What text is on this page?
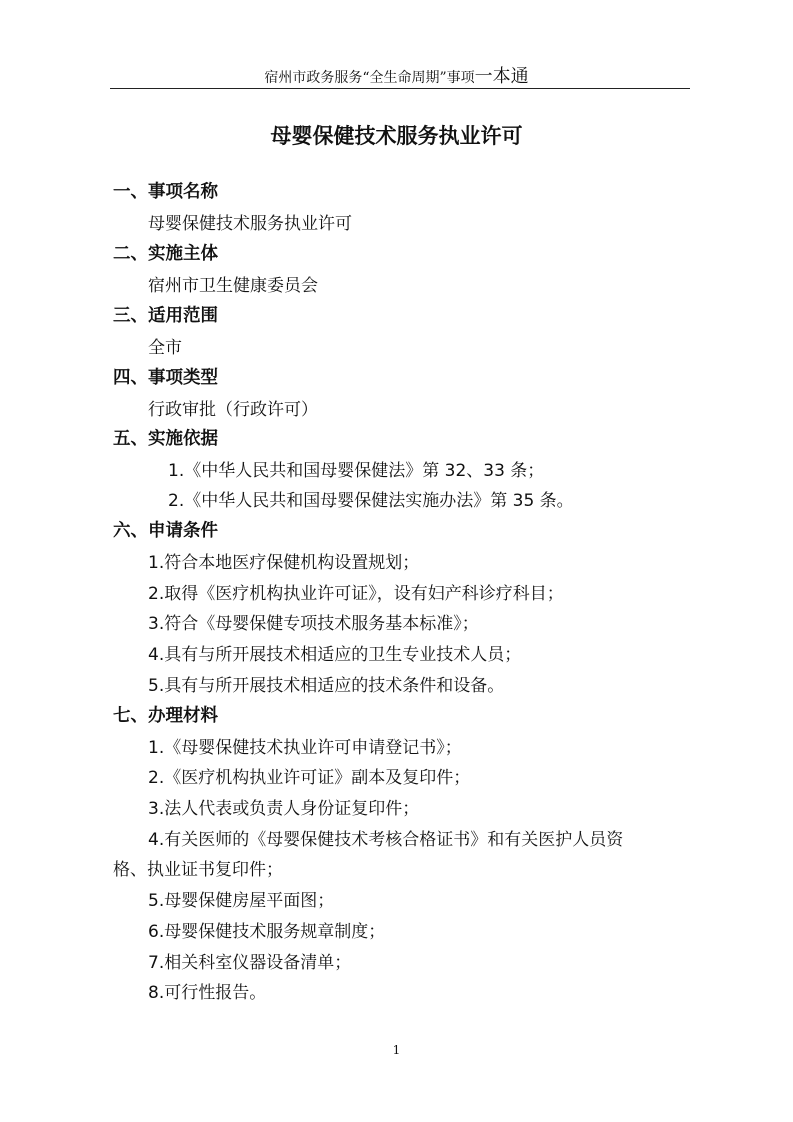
宿州市政务服务“全生命周期”事项一本通
母婴保健技术服务执业许可
一、事项名称
母婴保健技术服务执业许可
二、实施主体
宿州市卫生健康委员会
三、适用范围
全市
四、事项类型
行政审批（行政许可）
五、实施依据
1.《中华人民共和国母婴保健法》第 32、33 条；
2.《中华人民共和国母婴保健法实施办法》第 35 条。
六、申请条件
1.符合本地医疗保健机构设置规划；
2.取得《医疗机构执业许可证》，设有妇产科诊疗科目；
3.符合《母婴保健专项技术服务基本标准》；
4.具有与所开展技术相适应的卫生专业技术人员；
5.具有与所开展技术相适应的技术条件和设备。
七、办理材料
1.《母婴保健技术执业许可申请登记书》；
2.《医疗机构执业许可证》副本及复印件；
3.法人代表或负责人身份证复印件；
4.有关医师的《母婴保健技术考核合格证书》和有关医护人员资
格、执业证书复印件；
5.母婴保健房屋平面图；
6.母婴保健技术服务规章制度；
7.相关科室仪器设备清单；
8.可行性报告。
1
